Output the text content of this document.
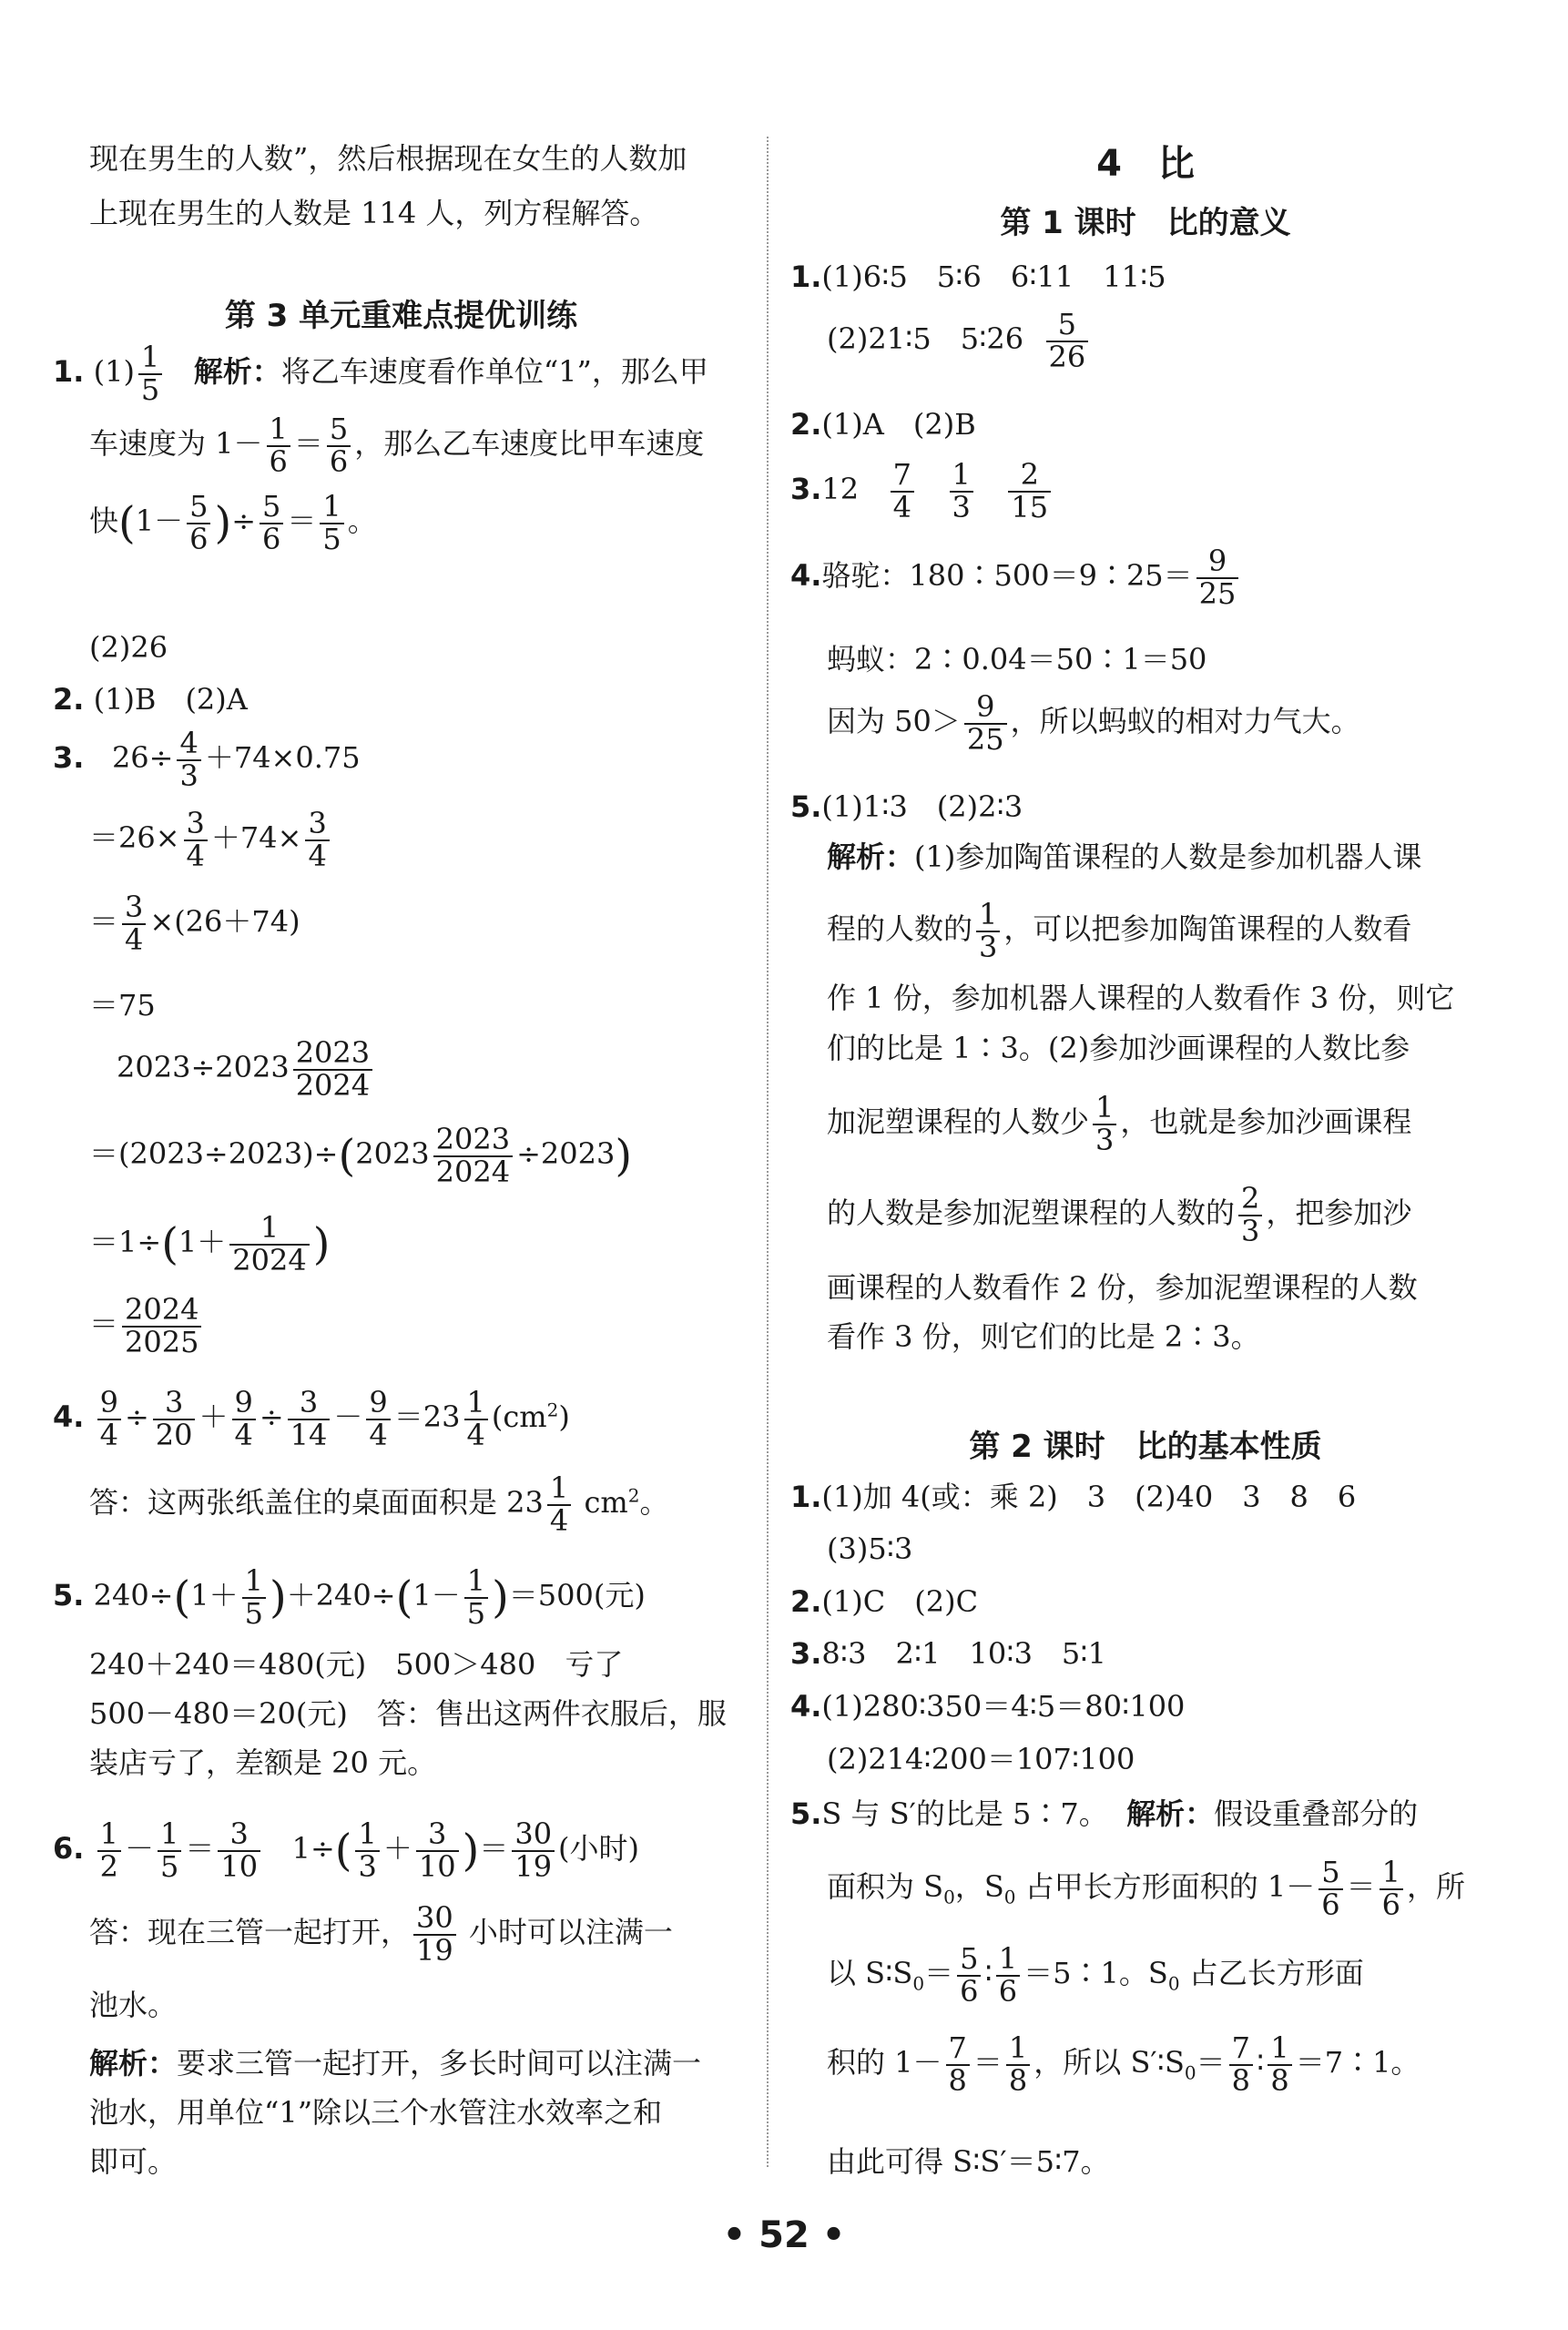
现在男生的人数”，然后根据现在女生的人数加
上现在男生的人数是 114 人，列方程解答。
第 3 单元重难点提优训练
1. $(1) \frac{1}{5}$ 解析：将乙车速度看作单位“1”，那么甲
车速度为 $1- \frac{1}{6} = \frac{5}{6}$ ，那么乙车速度比甲车速度
快($1- \frac{5}{6}$ )÷ $\frac{5}{6} = \frac{1}{5}$ 。
(2)26
2. (1)B　(2)A
3. $26\div \frac{4}{3} +74\times 0.75$
$=26\times \frac{3}{4} +74\times \frac{3}{4}$
＝ $\frac{3}{4} \times(26+74)$
＝75
$2023\div 2023 \frac{2023}{2024}$
$=(2023\div 2023)\div(2023 \frac{2023}{2024} \div 2023)$
$=1\div(1+ \frac{1}{2024}$ )
＝ $\frac{2024}{2025}$
4. $\frac{9}{4} \div \frac{3}{20} + \frac{9}{4} \div \frac{3}{14} - \frac{9}{4} =23 \frac{1}{4} (cm^2)$
答：这两张纸盖住的桌面面积是 $23 \frac{1}{4} cm^2$。
5. $240\div(1+ \frac{1}{5} )+240\div(1- \frac{1}{5} )=500$(元)
240＋240＝480(元)　500＞480　亏了
500－480＝20(元)　答：售出这两件衣服后，服
装店亏了，差额是 20 元。
6. $\frac{1}{2} - \frac{1}{5} = \frac{3}{10} 1\div( \frac{1}{3} + \frac{3}{10}$ )＝ $\frac{30}{19}$ (小时)
答：现在三管一起打开， $\frac{30}{19}$ 小时可以注满一
池水。
解析：要求三管一起打开，多长时间可以注满一
池水，用单位“1”除以三个水管注水效率之和
即可。
4　比
第 1 课时　比的意义
1.(1)6∶5　5∶6　6∶11　11∶5
(2)21∶5　5∶26 $\frac{5}{26}$
2.(1)A　(2)B
$3.12 \frac{7}{4}$
$\frac{1}{3}$
$\frac{2}{15}$
4.骆驼：180∶500＝9∶25＝ $\frac{9}{25}$
蚂蚁：2∶0.04＝50∶1＝50
因为 $50> \frac{9}{25}$ ，所以蚂蚁的相对力气大。
5.(1)1∶3　(2)2∶3
解析：(1)参加陶笛课程的人数是参加机器人课
程的人数的 $\frac{1}{3}$ ，可以把参加陶笛课程的人数看
作 1 份，参加机器人课程的人数看作 3 份，则它
们的比是 1∶3。(2)参加沙画课程的人数比参
加泥塑课程的人数少 $\frac{1}{3}$ ，也就是参加沙画课程
的人数是参加泥塑课程的人数的 $\frac{2}{3}$ ，把参加沙
画课程的人数看作 2 份，参加泥塑课程的人数
看作 3 份，则它们的比是 2∶3。
第 2 课时　比的基本性质
1.(1)加 4(或：乘 2)　3　(2)40　3　8　6
(3)5∶3
2.(1)C　(2)C
3.8∶3　2∶1　10∶3　5∶1
4.(1)280∶350＝4∶5＝80∶100
(2)214∶200＝107∶100
5.S 与 S′的比是 5∶7。 解析：假设重叠部分的
面积为 $S_0$，$S_0$ 占甲长方形面积的 $1- \frac{5}{6} = \frac{1}{6}$ ，所
以 $S∶S_0= \frac{5}{6}$ ∶ $\frac{1}{6}$ ＝5∶1。$S_0$ 占乙长方形面
积的 $1- \frac{7}{8} = \frac{1}{8}$ ，所以 $S'∶S_0= \frac{7}{8}$ ∶ $\frac{1}{8}$ ＝7∶1。
由此可得 S∶S′＝5∶7。
• 52 •
